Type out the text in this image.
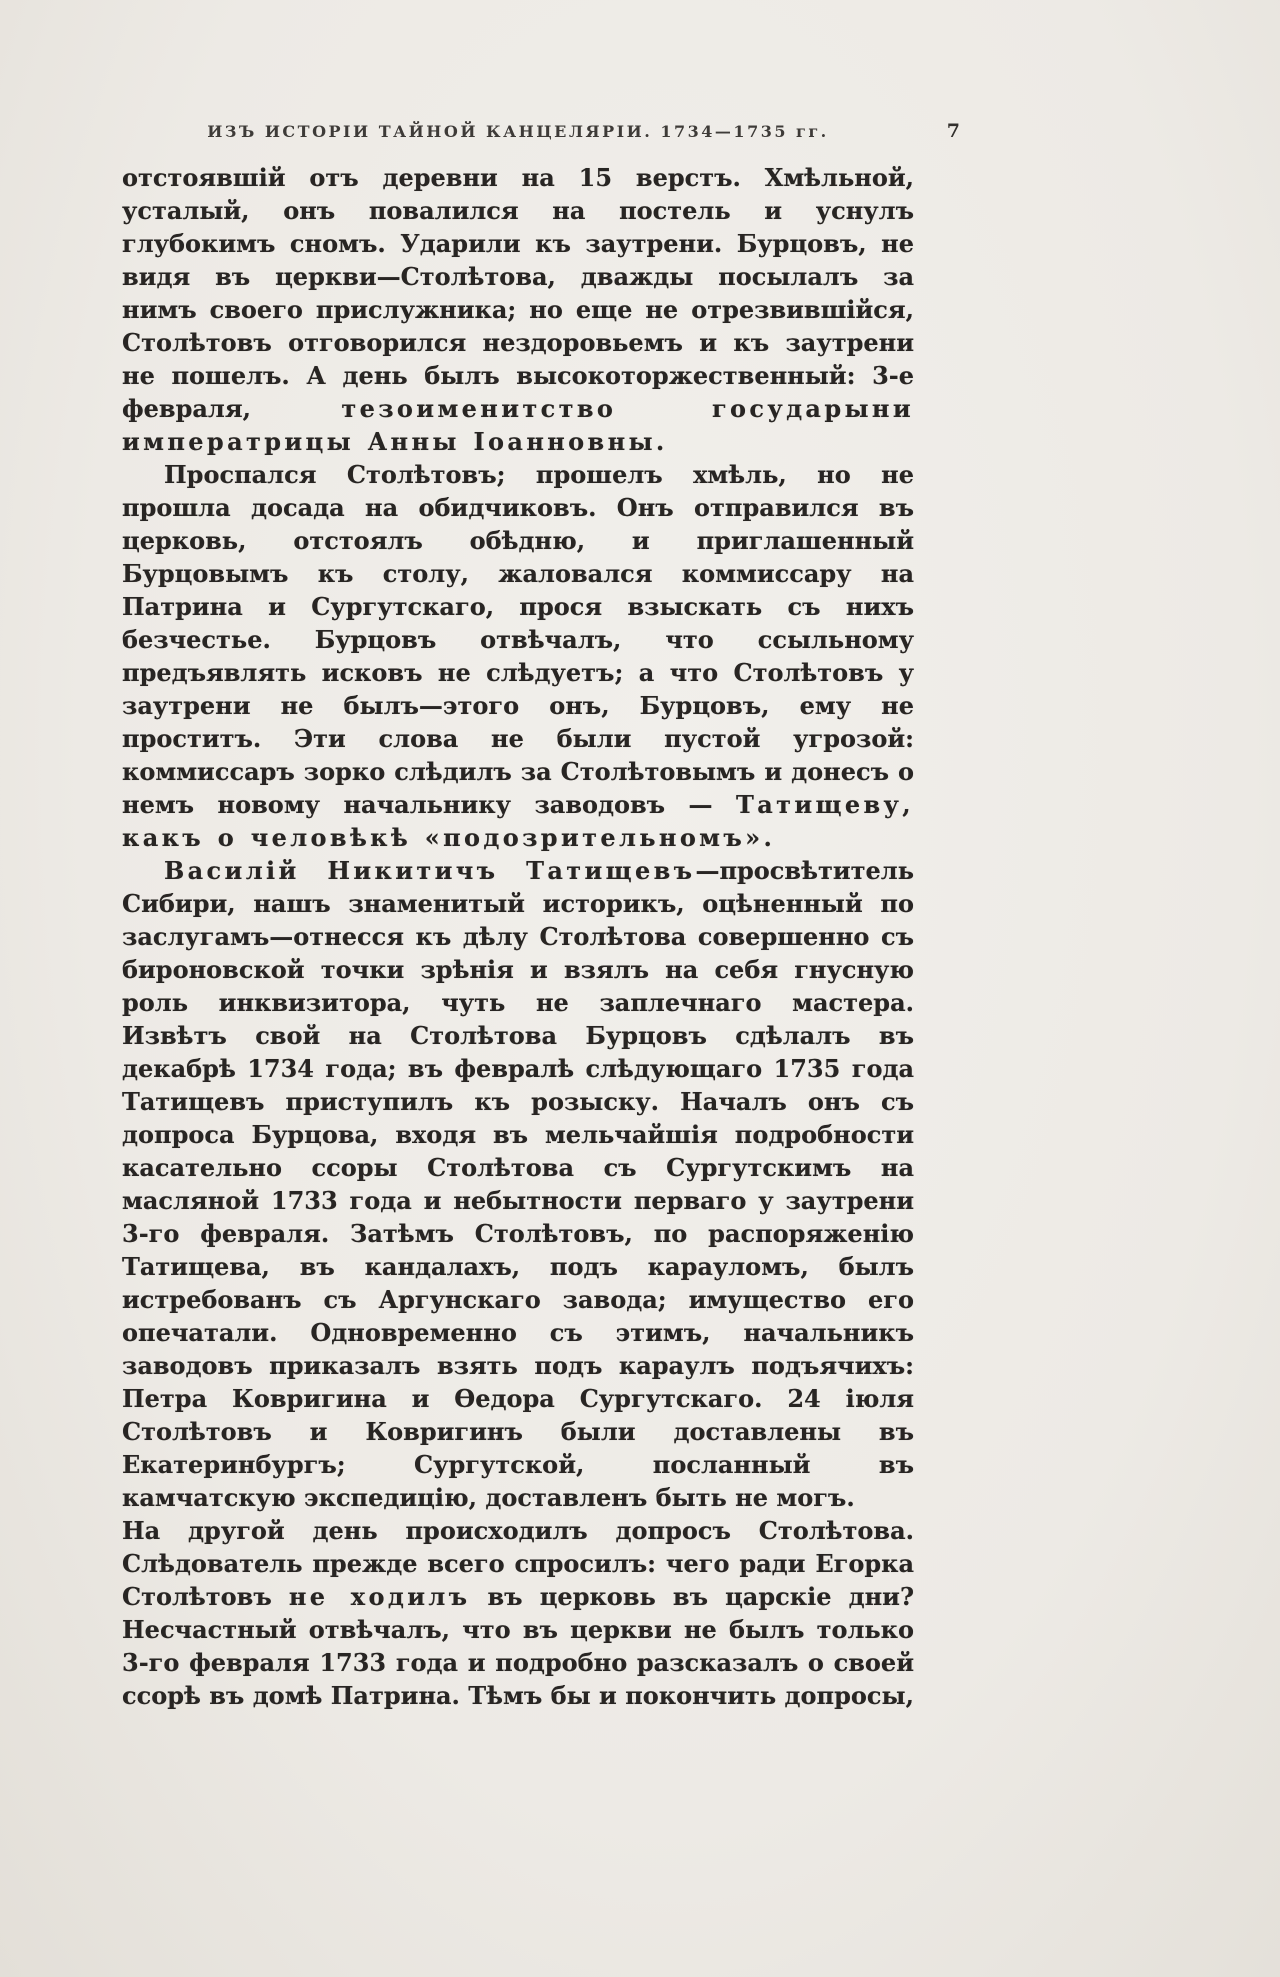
ИЗЪ ИСТОРІИ ТАЙНОЙ КАНЦЕЛЯРІИ. 1734—1735 гг.	7

отстоявшій отъ деревни на 15 верстъ. Хмѣльной, усталый, онъ повалился на постель и уснулъ глубокимъ сномъ. Ударили къ заутрени. Бурцовъ, не видя въ церкви—Столѣтова, дважды посылалъ за нимъ своего прислужника; но еще не отрезвившійся, Столѣтовъ отговорился нездоровьемъ и къ заутрени не пошелъ. А день былъ высокоторжественный: 3-е февраля, тезоименитство государыни императрицы Анны Іоанновны.

Проспался Столѣтовъ; прошелъ хмѣль, но не прошла досада на обидчиковъ. Онъ отправился въ церковь, отстоялъ обѣдню, и приглашенный Бурцовымъ къ столу, жаловался коммиссару на Патрина и Сургутскаго, прося взыскать съ нихъ безчестье. Бурцовъ отвѣчалъ, что ссыльному предъявлять исковъ не слѣдуетъ; а что Столѣтовъ у заутрени не былъ—этого онъ, Бурцовъ, ему не проститъ. Эти слова не были пустой угрозой: коммиссаръ зорко слѣдилъ за Столѣтовымъ и донесъ о немъ новому начальнику заводовъ — Татищеву, какъ о человѣкѣ «подозрительномъ».

Василій Никитичъ Татищевъ—просвѣтитель Сибири, нашъ знаменитый историкъ, оцѣненный по заслугамъ—отнесся къ дѣлу Столѣтова совершенно съ бироновской точки зрѣнія и взялъ на себя гнусную роль инквизитора, чуть не заплечнаго мастера. Извѣтъ свой на Столѣтова Бурцовъ сдѣлалъ въ декабрѣ 1734 года; въ февралѣ слѣдующаго 1735 года Татищевъ приступилъ къ розыску. Началъ онъ съ допроса Бурцова, входя въ мельчайшія подробности касательно ссоры Столѣтова съ Сургутскимъ на масляной 1733 года и небытности перваго у заутрени 3-го февраля. Затѣмъ Столѣтовъ, по распоряженію Татищева, въ кандалахъ, подъ карауломъ, былъ истребованъ съ Аргунскаго завода; имущество его опечатали. Одновременно съ этимъ, начальникъ заводовъ приказалъ взять подъ караулъ подъячихъ: Петра Ковригина и Ѳедора Сургутскаго. 24 іюля Столѣтовъ и Ковригинъ были доставлены въ Екатеринбургъ; Сургутской, посланный въ камчатскую экспедицію, доставленъ быть не могъ.

На другой день происходилъ допросъ Столѣтова. Слѣдователь прежде всего спросилъ: чего ради Егорка Столѣтовъ не ходилъ въ церковь въ царскіе дни? Несчастный отвѣчалъ, что въ церкви не былъ только 3-го февраля 1733 года и подробно разсказалъ о своей ссорѣ въ домѣ Патрина. Тѣмъ бы и покончить допросы,
